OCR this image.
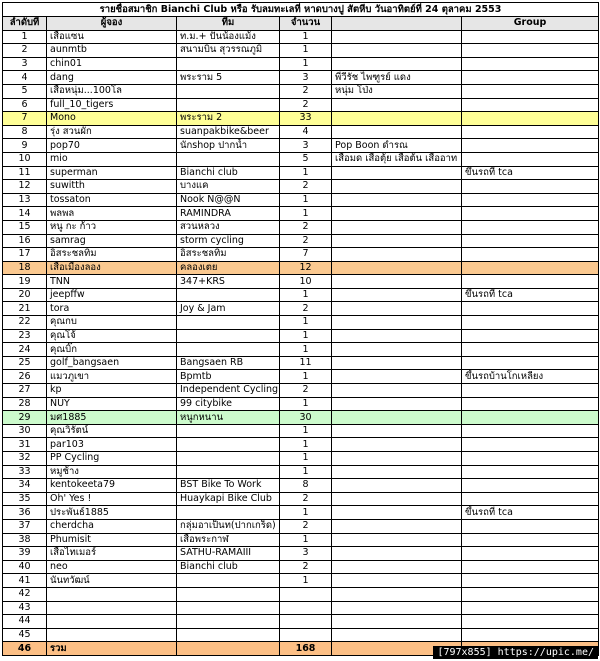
รายชื่อสมาชิก Bianchi Club หรือ รับลมทะเลที่ หาดบางปู สัตหีบ วันอาทิตย์ที่ 24 ตุลาคม 2553					
ลำดับที่	ผู้จอง	ทีม	จำนวน		Group
1	เสือแซน	ท.ม.+ ปั่นน้องแม้ง	1		
2	aunmtb	สนามบิน สุวรรณภูมิ	1		
3	chin01		1		
4	dang	พระราม 5	3	พี่วีรัช ไพฑูรย์ แดง	
5	เสือหนุ่ม...100โล		2	หนุ่ม โป่ง	
6	full_10_tigers		2		
7	Mono	พระราม 2	33		
8	รุ่ง สวนผัก	suanpakbike&beer	4		
9	pop70	นักshop ปากน้ำ	3	Pop Boon ดำรณ	
10	mio		5	เสือมด เสือตุ้ย เสือต้น เสืออาท	
11	superman	Bianchi club	1		ขึ้นรถที่ tca
12	suwitth	บางแค	2		
13	tossaton	Nook N@@N	1		
14	พลพล	RAMINDRA	1		
15	หนู กะ ก้าว	สวนหลวง	2		
16	samrag	storm cycling	2		
17	อิสระชลทิม	อิสระชลทิม	7		
18	เสือเมืองลอง	คลองเตย	12		
19	TNN	347+KRS	10		
20	jeepffw		1		ขึ้นรถที่ tca
21	tora	Joy & Jam	2		
22	คุณกบ		1		
23	คุณโจ้		1		
24	คุณบิ๊ก		1		
25	golf_bangsaen	Bangsaen RB	11		
26	แมวภูเขา	Bpmtb	1		ขึ้นรถบ้านโกเหลียง
27	kp	Independent Cycling	2		
28	NUY	99 citybike	1		
29	มศ1885	หนูกหนาน	30		
30	คุณวิรัตน์		1		
31	par103		1		
32	PP Cycling		1		
33	หมูช้าง		1		
34	kentokeeta79	BST Bike To Work	8		
35	Oh' Yes !	Huaykapi Bike Club	2		
36	ประพันธ์1885		1		ขึ้นรถที่ tca
37	cherdcha	กลุ่มอาเป็นท(ปากเกร็ด)	2		
38	Phumisit	เสือพระกาฬ	1		
39	เสือไทเมอร์	SATHU-RAMAIII	3		
40	neo	Bianchi club	2		
41	นันทวัฒน์		1		
42					
43					
44					
45					
46	รวม		168			[797x855] https://upic.me/
